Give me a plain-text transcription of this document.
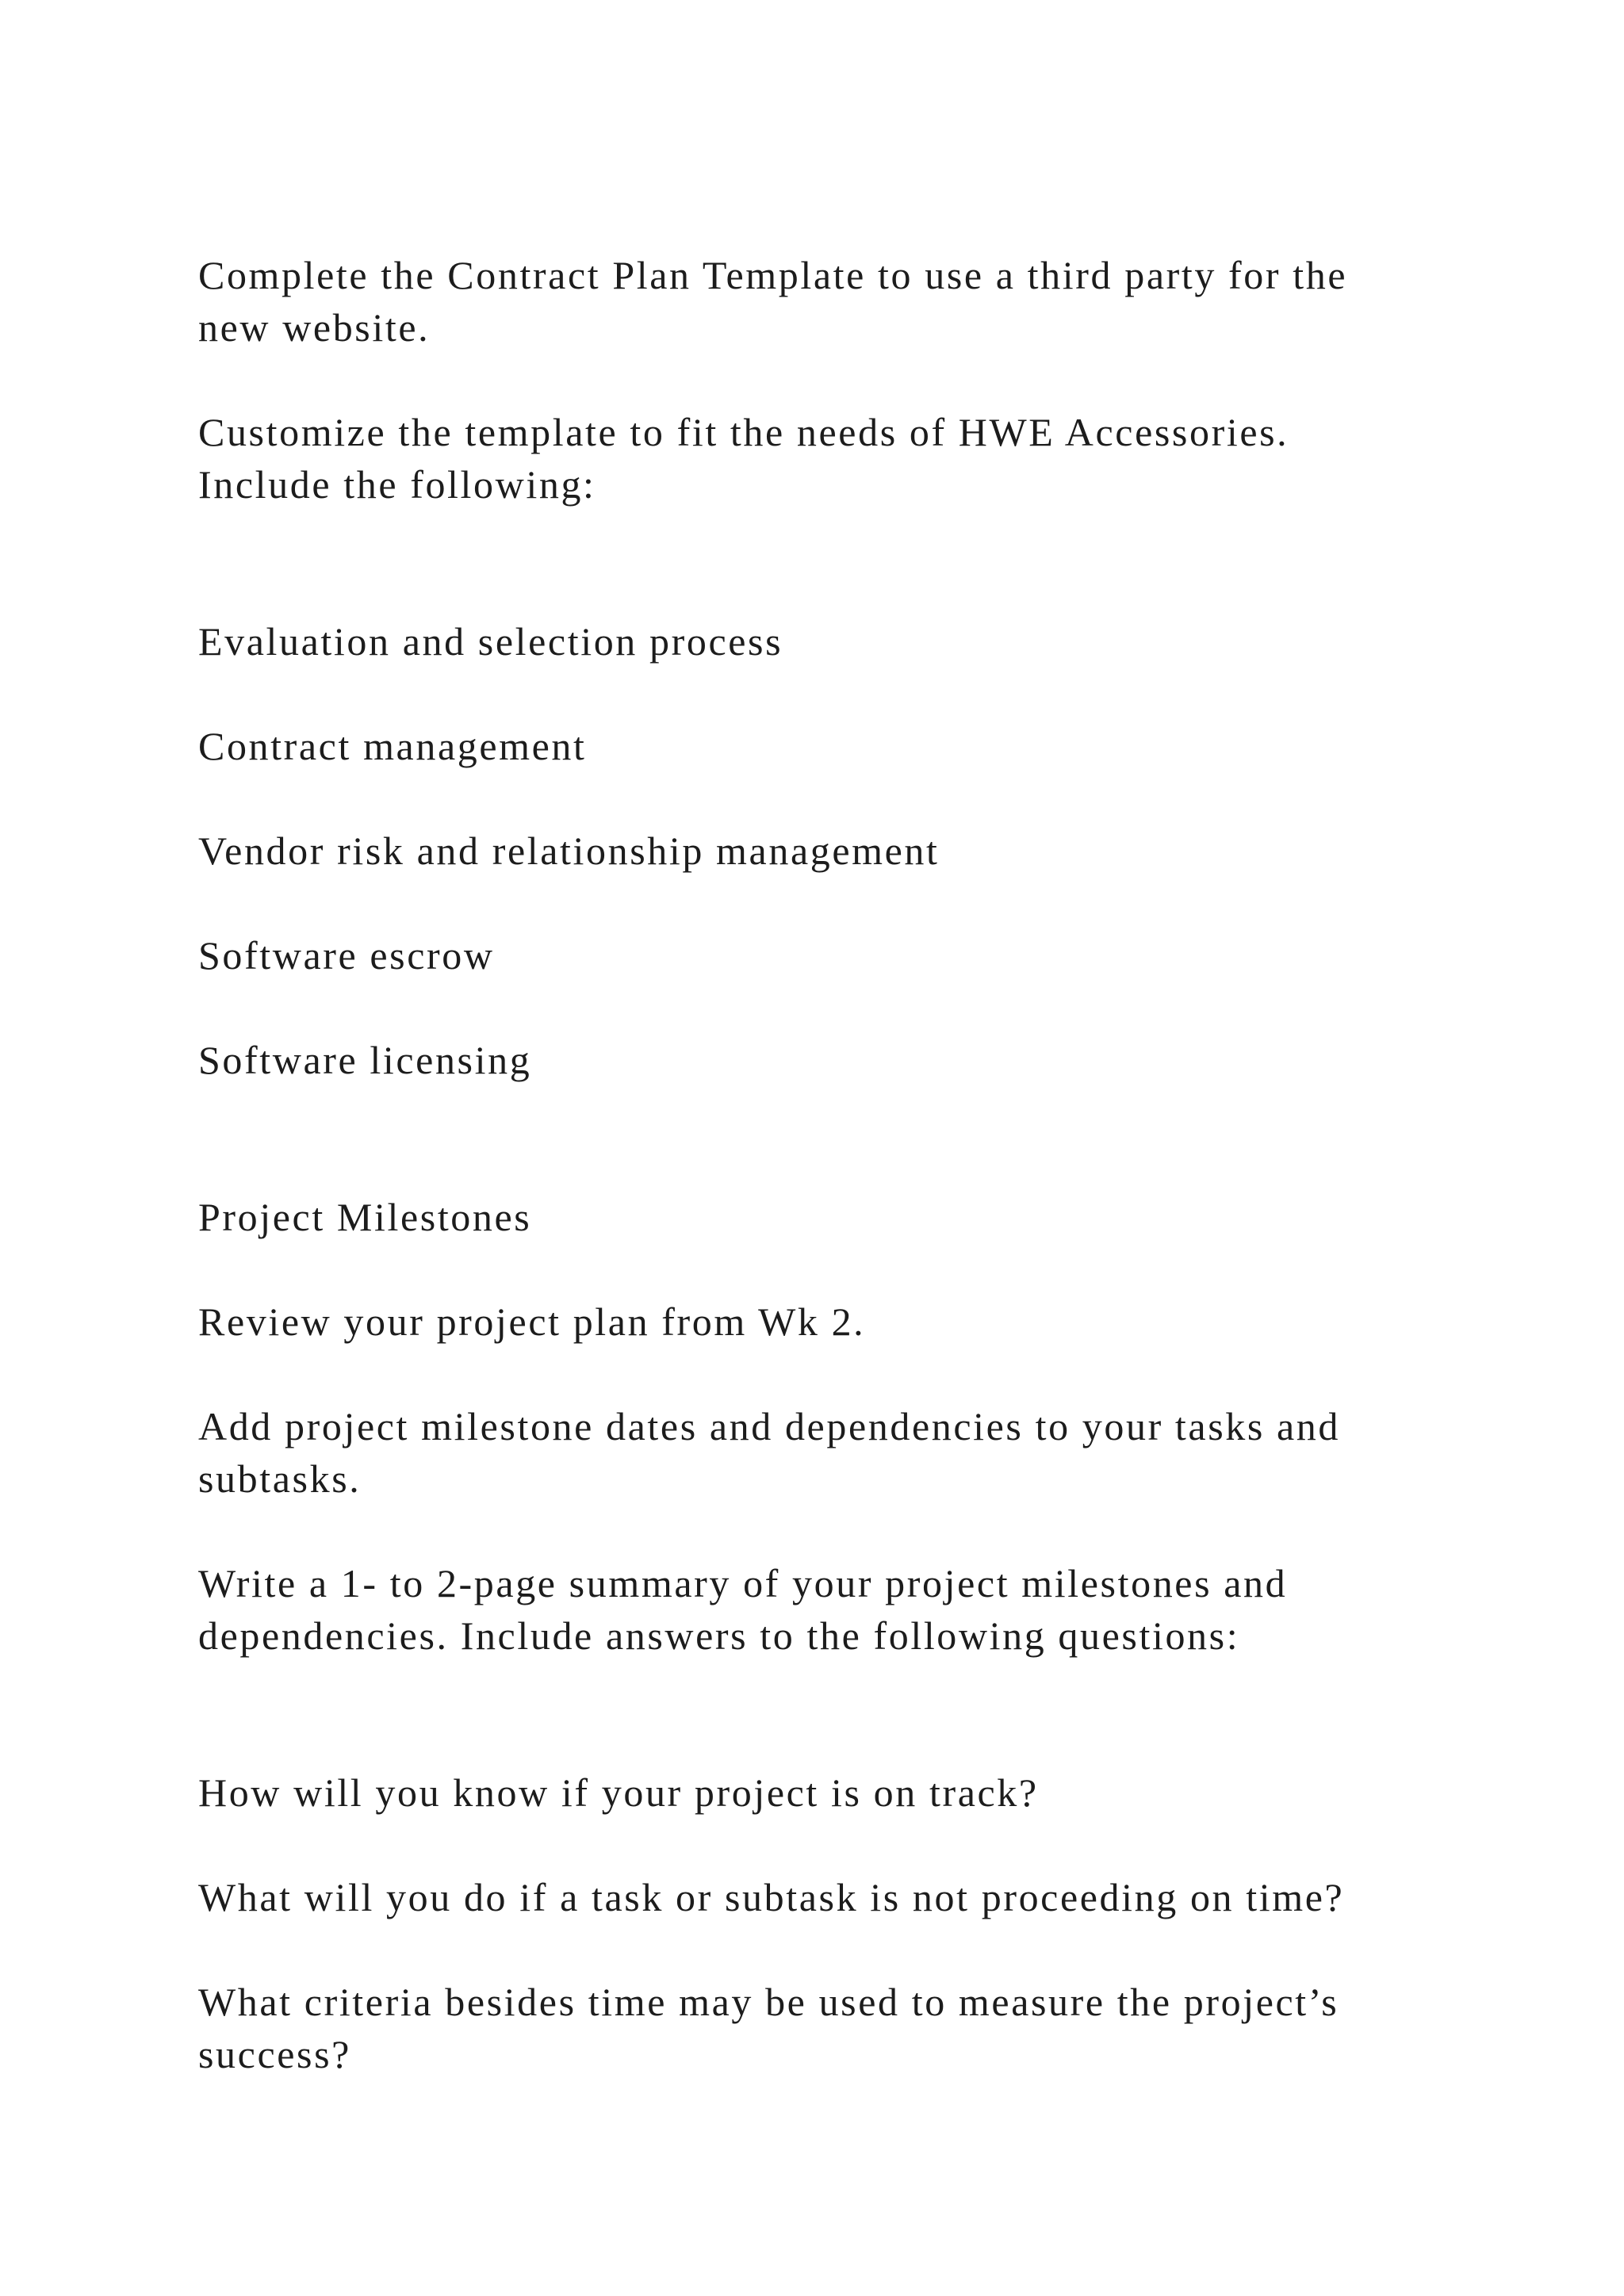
Complete the Contract Plan Template to use a third party for the

new website.

Customize the template to fit the needs of HWE Accessories.

Include the following:

Evaluation and selection process

Contract management

Vendor risk and relationship management

Software escrow

Software licensing

Project Milestones

Review your project plan from Wk 2.

Add project milestone dates and dependencies to your tasks and

subtasks.

Write a 1- to 2-page summary of your project milestones and

dependencies. Include answers to the following questions:

How will you know if your project is on track?

What will you do if a task or subtask is not proceeding on time?

What criteria besides time may be used to measure the project’s

success?
